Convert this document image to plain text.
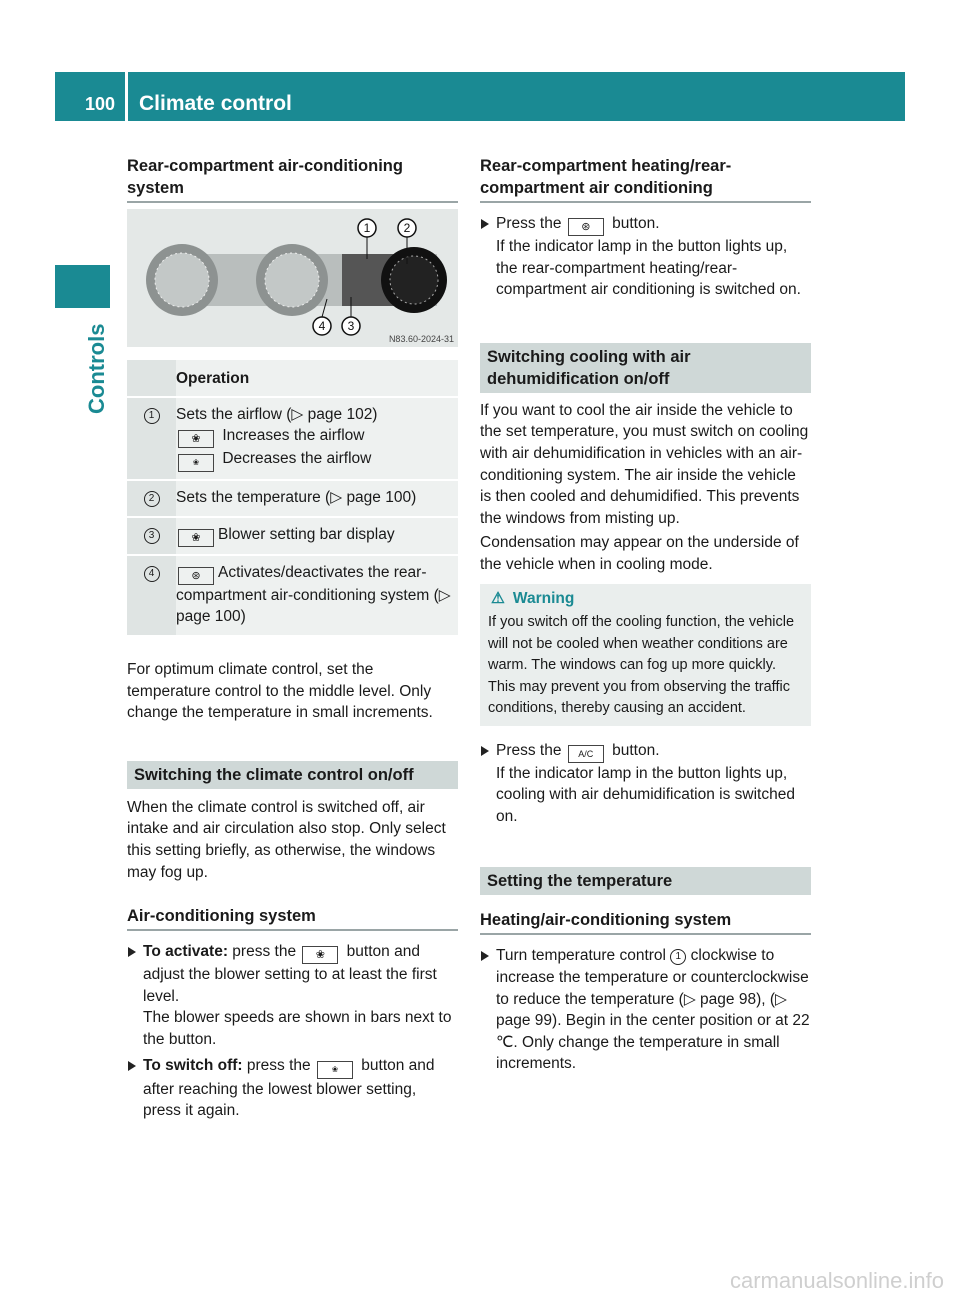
100 Climate control
Controls
Rear-compartment air-conditioning system
1	2
4 3
N83.60-2024-31
	Operation
1	Sets the airflow (▷ page 102)
❀ Increases the airflow
❀ Decreases the airflow

2	Sets the temperature (▷ page 100)
3	❀ Blower setting bar display
4	⊛ Activates/deactivates the rear-compartment air-conditioning system (▷ page 100)

For optimum climate control, set the temperature control to the middle level. Only change the temperature in small increments.

Switching the climate control on/off

When the climate control is switched off, air intake and air circulation also stop. Only select this setting briefly, as otherwise, the windows may fog up.

Air-conditioning system
To activate: press the ❀ button and adjust the blower setting to at least the first level.
The blower speeds are shown in bars next to the button.
To switch off: press the	❀ button and after reaching the lowest blower setting, press it again.
Rear-compartment heating/rear-compartment air conditioning
Press the ⊛ button.
If the indicator lamp in the button lights up, the rear-compartment heating/rear-compartment air conditioning is switched on.
Switching cooling with air dehumidification on/off

If you want to cool the air inside the vehicle to the set temperature, you must switch on cooling with air dehumidification in vehicles with an air-conditioning system. The air inside the vehicle is then cooled and dehumidified. This prevents the windows from misting up.

Condensation may appear on the underside of the vehicle when in cooling mode.

⚠ Warning
If you switch off the cooling function, the vehicle will not be cooled when weather conditions are warm. The windows can fog up more quickly. This may prevent you from observing the traffic conditions, thereby causing an accident.
Press the A/C button.
If the indicator lamp in the button lights up, cooling with air dehumidification is switched on.
Setting the temperature
Heating/air-conditioning system
Turn temperature control 1 clockwise to increase the temperature or counterclockwise to reduce the temperature (▷ page 98), (▷ page 99). Begin in the center position or at 22 ℃. Only change the temperature in small increments.
carmanualsonline.info
